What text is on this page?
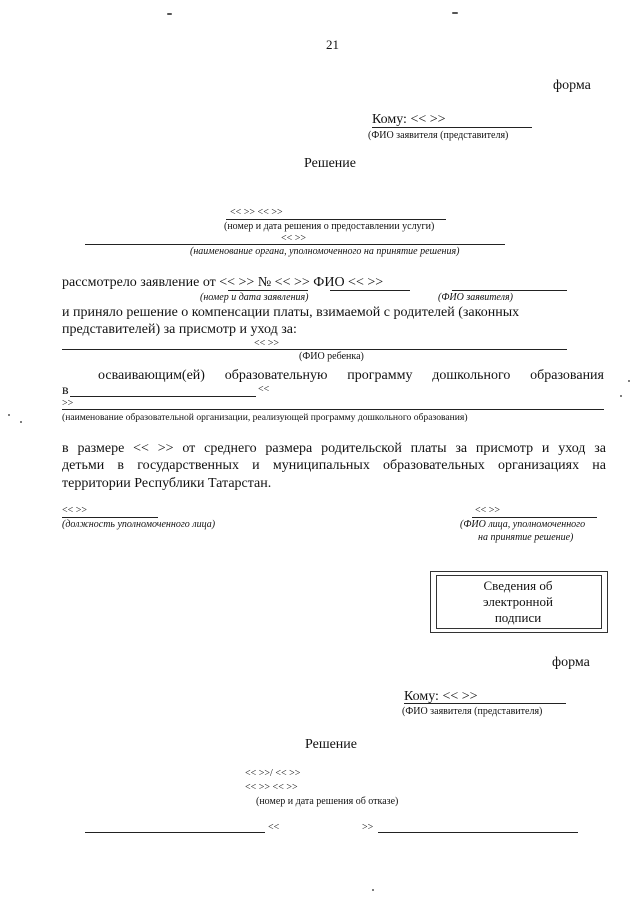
21
форма
Кому: << >>
(ФИО заявителя (представителя)
Решение
<< >> << >>
(номер и дата решения о предоставлении услуги)
<< >>
(наименование органа, уполномоченного на принятие решения)
рассмотрело заявление от << >> № << >> ФИО << >>
(номер и дата заявления)	(ФИО заявителя)
и приняло решение о компенсации платы, взимаемой с родителей (законных
представителей) за присмотр и уход за:
<< >>
(ФИО ребенка)
осваивающим(ей) образовательную программу дошкольного образования
в	<<
>>
(наименование образовательной организации, реализующей программу дошкольного образования)
в размере << >> от среднего размера родительской платы за присмотр и уход за
детьми в государственных и муниципальных образовательных организациях на
территории Республики Татарстан.
<< >>
(должность уполномоченного лица)
<< >>
(ФИО лица, уполномоченного
на принятие решение)
Сведения об
электронной
подписи
форма
Кому: << >>
(ФИО заявителя (представителя)
Решение
<< >>/ << >>
<< >> << >>
(номер и дата решения об отказе)
<<	>>
